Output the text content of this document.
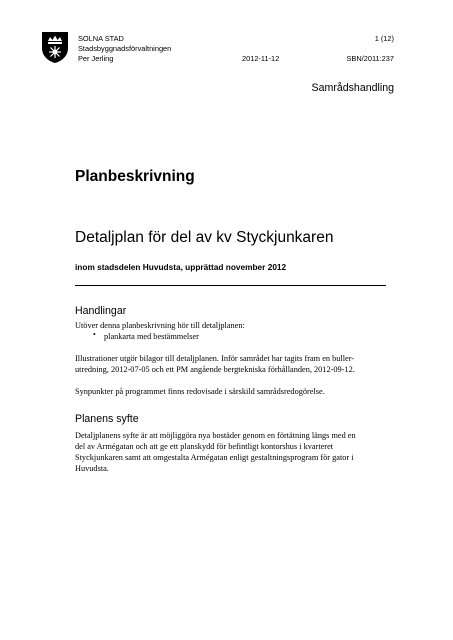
SOLNA STAD
Stadsbyggnadsförvaltningen
Per Jerling
1 (12)
2012-11-12	SBN/2011:237
Samrådshandling
Planbeskrivning
Detaljplan för del av kv Styckjunkaren
inom stadsdelen Huvudsta, upprättad november 2012
Handlingar
Utöver denna planbeskrivning hör till detaljplanen:
• plankarta med bestämmelser
Illustrationer utgör bilagor till detaljplanen. Inför samrådet har tagits fram en buller-
utredning, 2012-07-05 och ett PM angående bergtekniska förhållanden, 2012-09-12.
Synpunkter på programmet finns redovisade i särskild samrådsredogörelse.
Planens syfte
Detaljplanens syfte är att möjliggöra nya bostäder genom en förtätning längs med en
del av Armégatan och att ge ett planskydd för befintligt kontorshus i kvarteret
Styckjunkaren samt att omgestalta Armégatan enligt gestaltningsprogram för gator i
Huvudsta.
